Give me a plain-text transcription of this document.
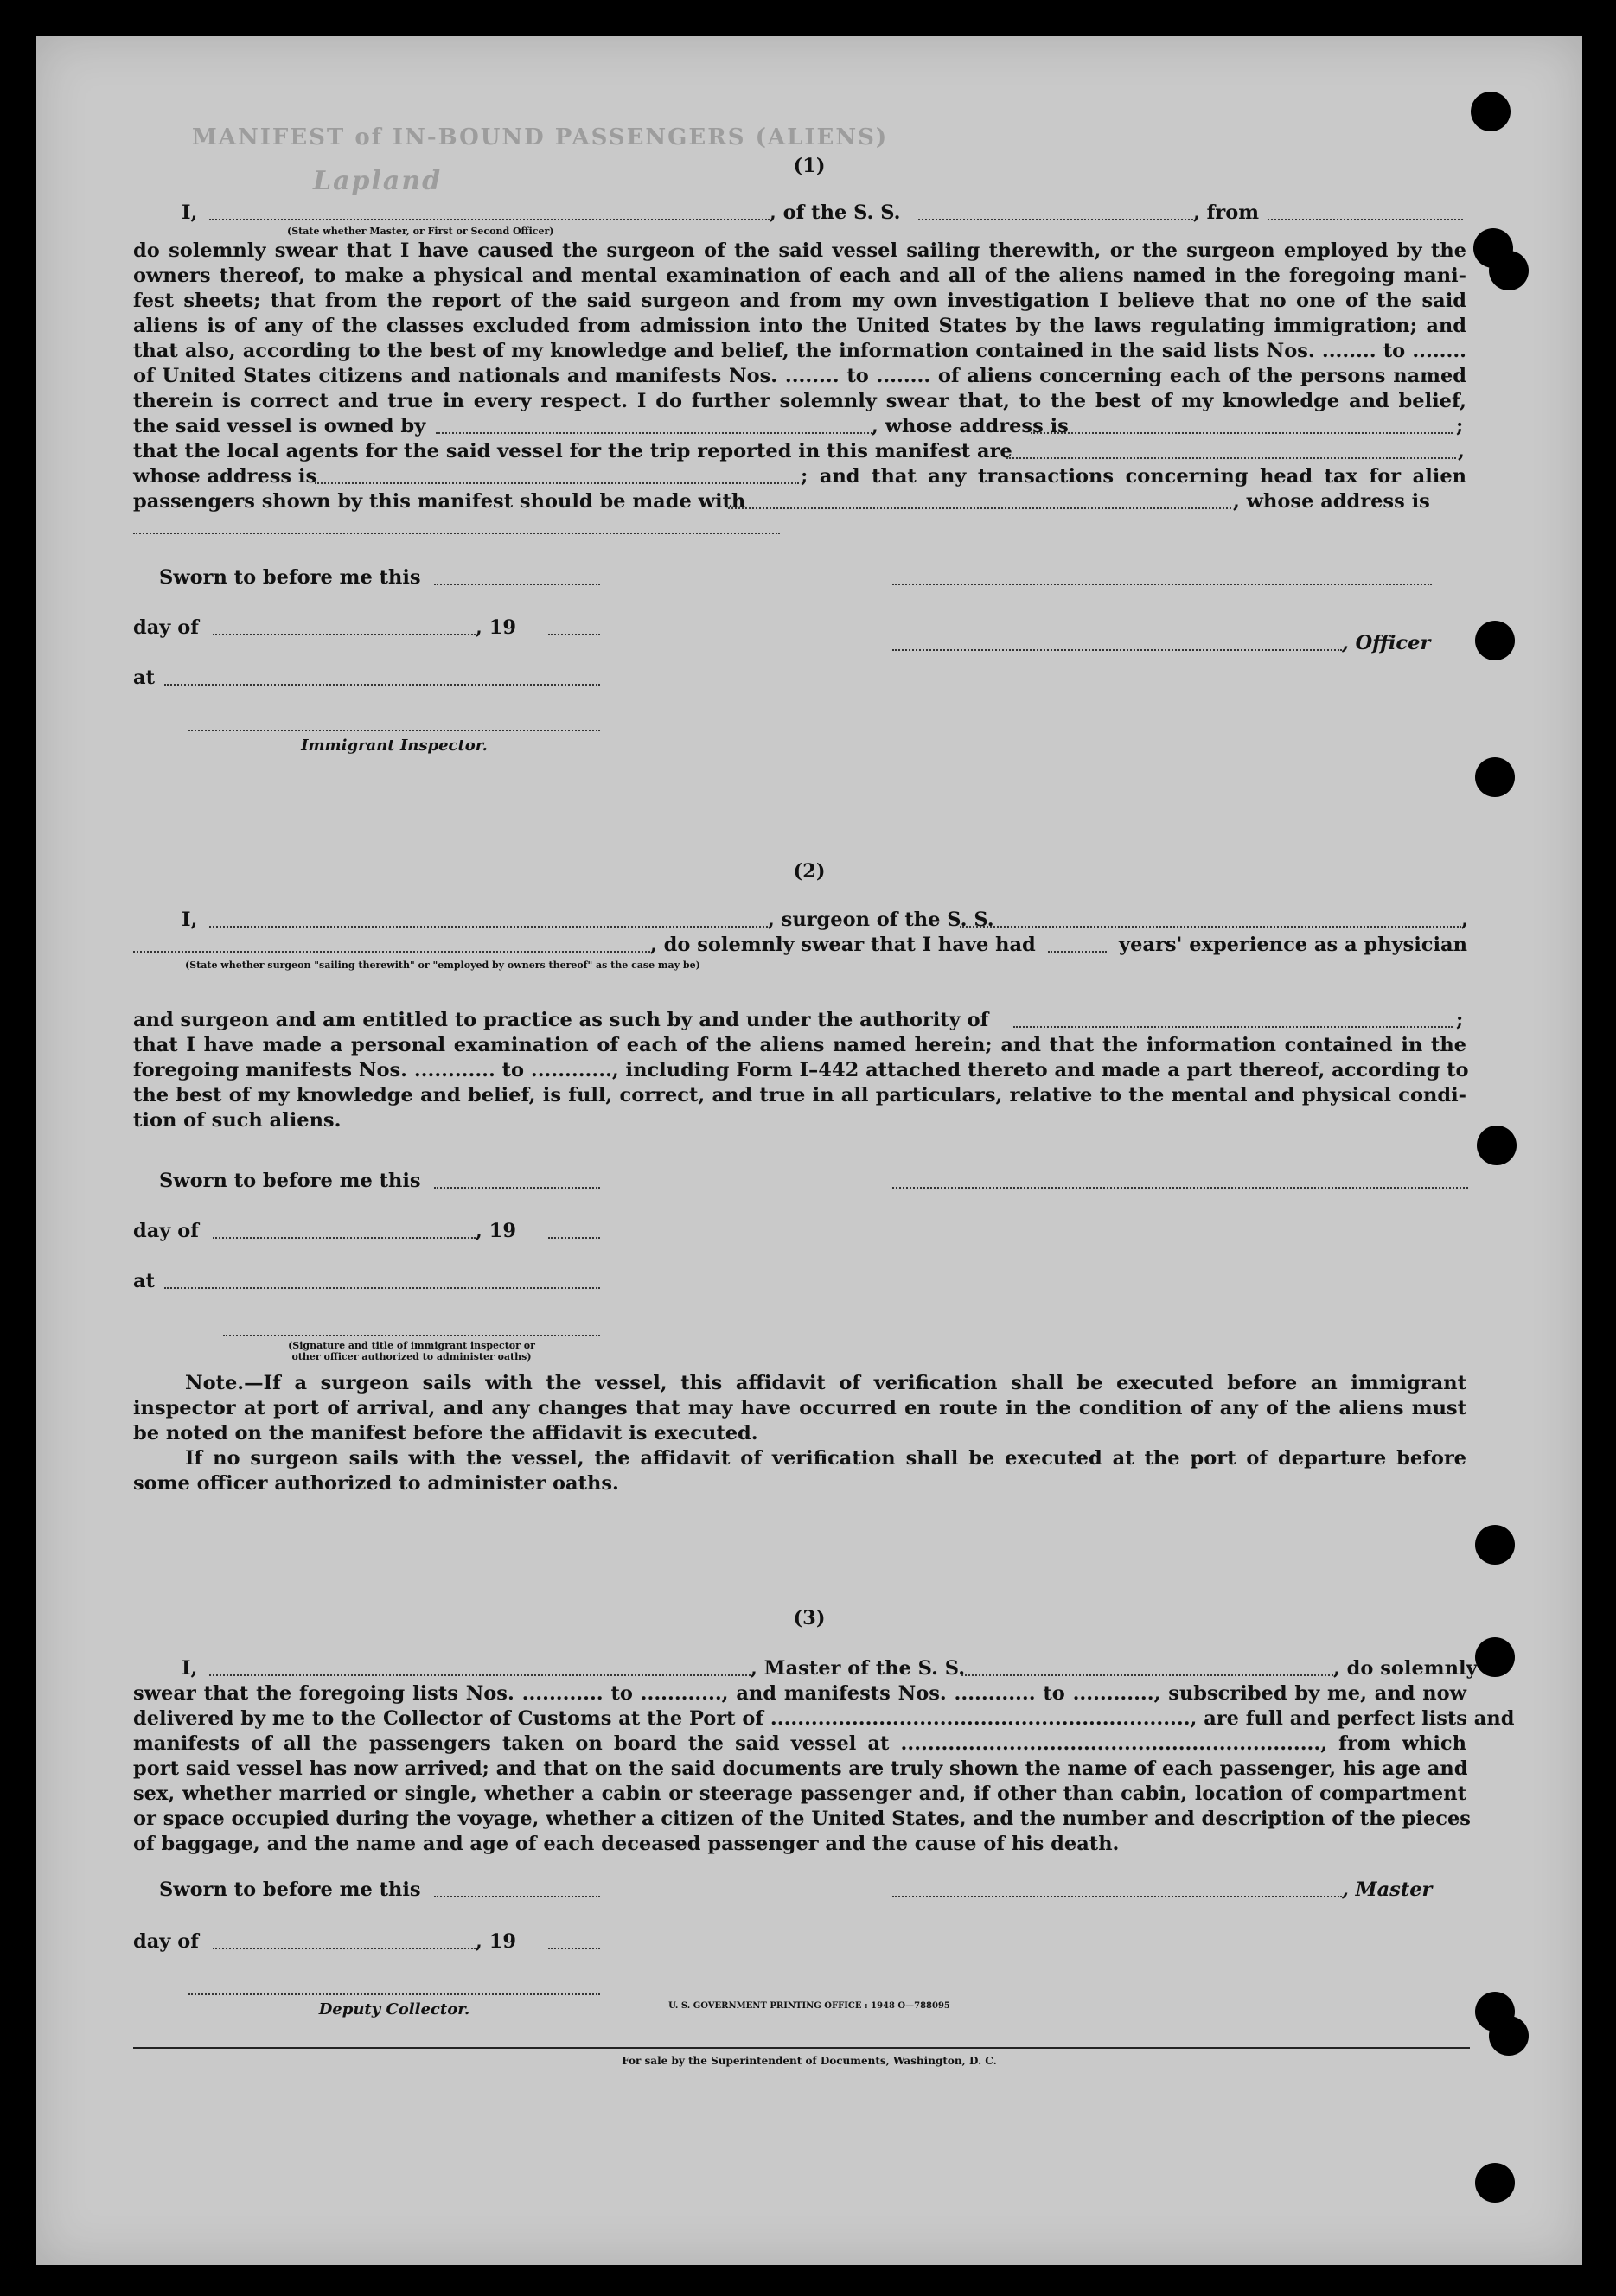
MANIFEST of IN-BOUND PASSENGERS (ALIENS)
Lapland	(1)
I,	, of the S. S.	, from
(State whether Master, or First or Second Officer)
do solemnly swear that I have caused the surgeon of the said vessel sailing therewith, or the surgeon employed by the
owners thereof, to make a physical and mental examination of each and all of the aliens named in the foregoing mani-
fest sheets; that from the report of the said surgeon and from my own investigation I believe that no one of the said
aliens is of any of the classes excluded from admission into the United States by the laws regulating immigration; and
that also, according to the best of my knowledge and belief, the information contained in the said lists Nos. ........ to ........
of United States citizens and nationals and manifests Nos. ........ to ........ of aliens concerning each of the persons named
therein is correct and true in every respect. I do further solemnly swear that, to the best of my knowledge and belief,
the said vessel is owned by	, whose address is	;
that the local agents for the said vessel for the trip reported in this manifest are	,
whose address is	; and that any transactions concerning head tax for alien
passengers shown by this manifest should be made with	, whose address is
Sworn to before me this
day of	, 19
, Officer
at
Immigrant Inspector.
(2)
I,	, surgeon of the S. S.	,
, do solemnly swear that I have had	years' experience as a physician
(State whether surgeon "sailing therewith" or "employed by owners thereof" as the case may be)
and surgeon and am entitled to practice as such by and under the authority of	;
that I have made a personal examination of each of the aliens named herein; and that the information contained in the
foregoing manifests Nos. ............ to ............, including Form I–442 attached thereto and made a part thereof, according to
the best of my knowledge and belief, is full, correct, and true in all particulars, relative to the mental and physical condi-
tion of such aliens.
Sworn to before me this
day of	, 19
at
(Signature and title of immigrant inspector or
other officer authorized to administer oaths)
Note.—If a surgeon sails with the vessel, this affidavit of verification shall be executed before an immigrant
inspector at port of arrival, and any changes that may have occurred en route in the condition of any of the aliens must
be noted on the manifest before the affidavit is executed.
If no surgeon sails with the vessel, the affidavit of verification shall be executed at the port of departure before
some officer authorized to administer oaths.
(3)
I,	, Master of the S. S.	, do solemnly
swear that the foregoing lists Nos. ............ to ............, and manifests Nos. ............ to ............, subscribed by me, and now
delivered by me to the Collector of Customs at the Port of .............................................................., are full and perfect lists and
manifests of all the passengers taken on board the said vessel at .............................................................., from which
port said vessel has now arrived; and that on the said documents are truly shown the name of each passenger, his age and
sex, whether married or single, whether a cabin or steerage passenger and, if other than cabin, location of compartment
or space occupied during the voyage, whether a citizen of the United States, and the number and description of the pieces
of baggage, and the name and age of each deceased passenger and the cause of his death.
Sworn to before me this	, Master
day of	, 19
Deputy Collector.	U. S. GOVERNMENT PRINTING OFFICE : 1948 O—788095
For sale by the Superintendent of Documents, Washington, D. C.
